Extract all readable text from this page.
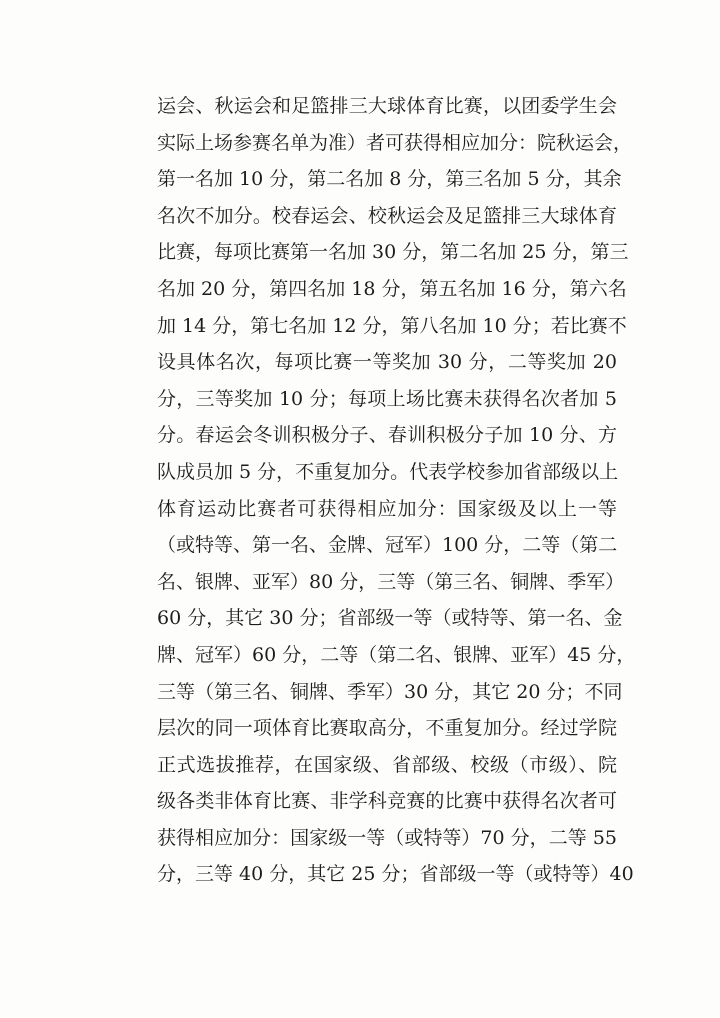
运会、秋运会和足篮排三大球体育比赛，以团委学生会
实际上场参赛名单为准）者可获得相应加分：院秋运会，
第一名加 10 分，第二名加 8 分，第三名加 5 分，其余
名次不加分。校春运会、校秋运会及足篮排三大球体育
比赛，每项比赛第一名加 30 分，第二名加 25 分，第三
名加 20 分，第四名加 18 分，第五名加 16 分，第六名
加 14 分，第七名加 12 分，第八名加 10 分；若比赛不
设具体名次，每项比赛一等奖加 30 分，二等奖加 20
分，三等奖加 10 分；每项上场比赛未获得名次者加 5
分。春运会冬训积极分子、春训积极分子加 10 分、方
队成员加 5 分，不重复加分。代表学校参加省部级以上
体育运动比赛者可获得相应加分：国家级及以上一等
（或特等、第一名、金牌、冠军）100 分，二等（第二
名、银牌、亚军）80 分，三等（第三名、铜牌、季军）
60 分，其它 30 分；省部级一等（或特等、第一名、金
牌、冠军）60 分，二等（第二名、银牌、亚军）45 分，
三等（第三名、铜牌、季军）30 分，其它 20 分；不同
层次的同一项体育比赛取高分，不重复加分。经过学院
正式选拔推荐，在国家级、省部级、校级（市级）、院
级各类非体育比赛、非学科竞赛的比赛中获得名次者可
获得相应加分：国家级一等（或特等）70 分，二等 55
分，三等 40 分，其它 25 分；省部级一等（或特等）40
